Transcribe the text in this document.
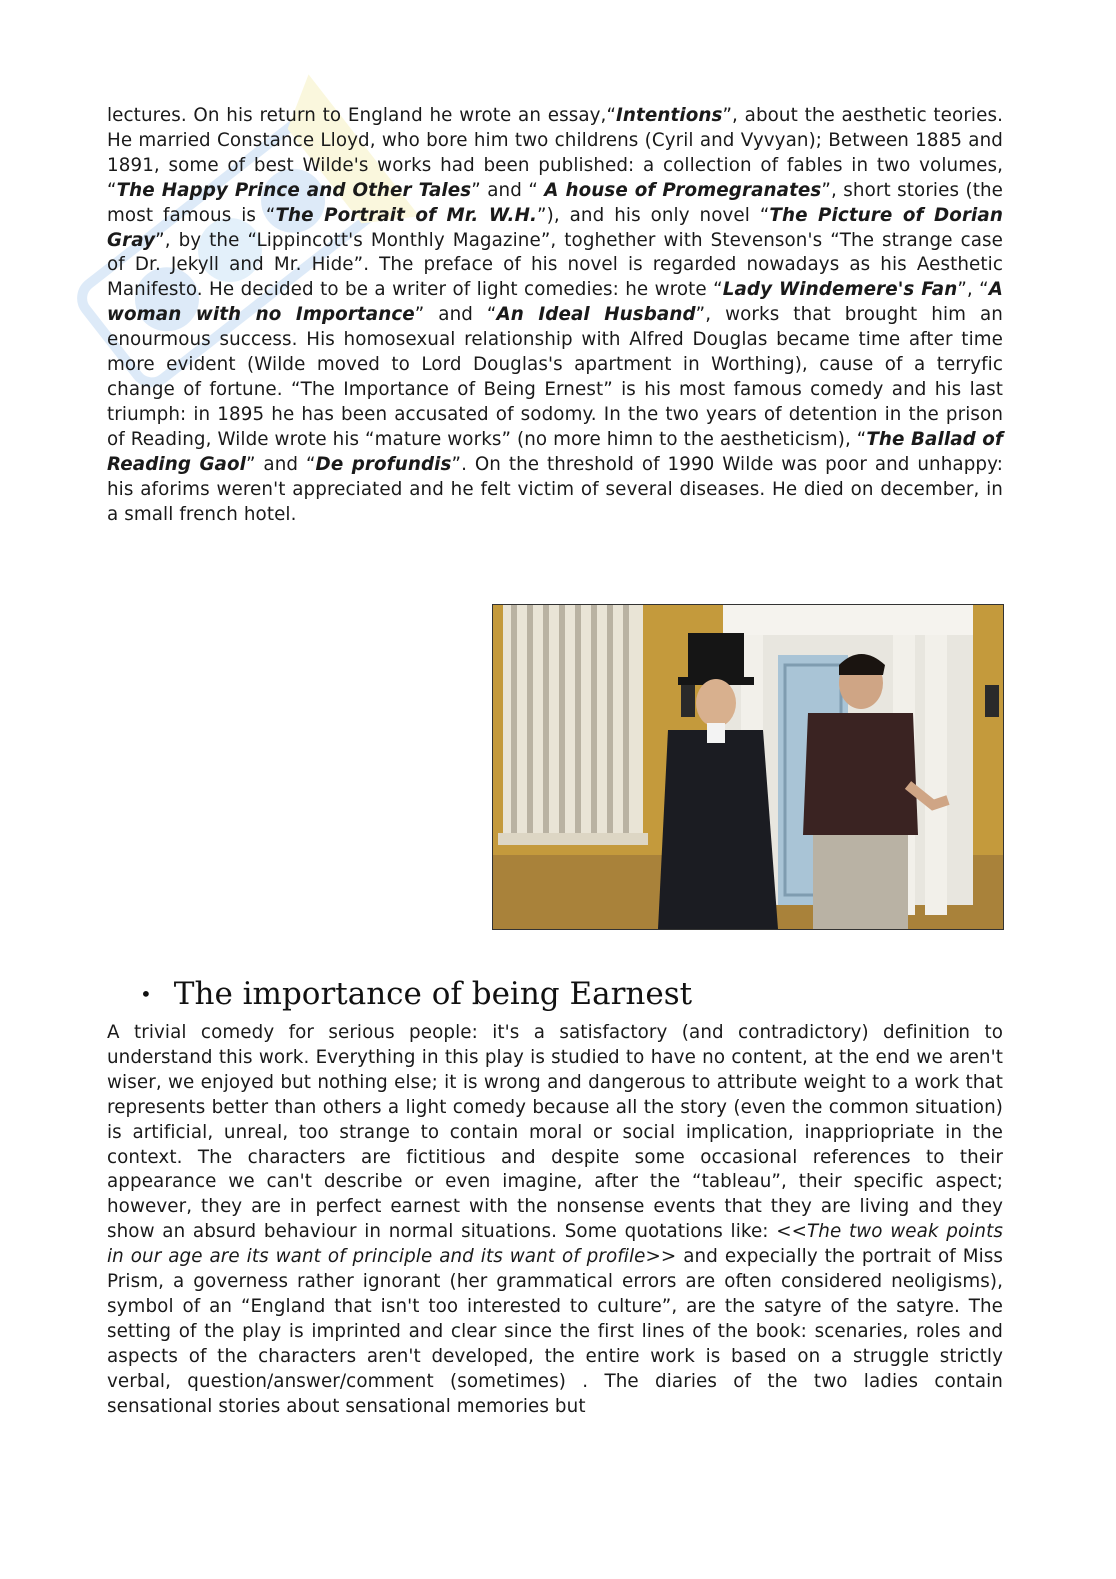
lectures. On his return to England he wrote an essay,“Intentions”, about the aesthetic teories. He married Constance Lloyd, who bore him two childrens (Cyril and Vyvyan); Between 1885 and 1891, some of best Wilde's works had been published: a collection of fables in two volumes, “The Happy Prince and Other Tales” and “ A house of Promegranates”, short stories (the most famous is “The Portrait of Mr. W.H.”), and his only novel “The Picture of Dorian Gray”, by the “Lippincott's Monthly Magazine”, toghether with Stevenson's “The strange case of Dr. Jekyll and Mr. Hide”. The preface of his novel is regarded nowadays as his Aesthetic Manifesto. He decided to be a writer of light comedies: he wrote “Lady Windemere's Fan”, “A woman with no Importance” and “An Ideal Husband”, works that brought him an enourmous success. His homosexual relationship with Alfred Douglas became time after time more evident (Wilde moved to Lord Douglas's apartment in Worthing), cause of a terryfic change of fortune. “The Importance of Being Ernest” is his most famous comedy and his last triumph: in 1895 he has been accusated of sodomy. In the two years of detention in the prison of Reading, Wilde wrote his “mature works” (no more himn to the aestheticism), “The Ballad of Reading Gaol” and “De profundis”. On the threshold of 1990 Wilde was poor and unhappy: his aforims weren't appreciated and he felt victim of several diseases. He died on december, in a small french hotel.

• The importance of being Earnest

A trivial comedy for serious people: it's a satisfactory (and contradictory) definition to understand this work. Everything in this play is studied to have no content, at the end we aren't wiser, we enjoyed but nothing else; it is wrong and dangerous to attribute weight to a work that represents better than others a light comedy because all the story (even the common situation) is artificial, unreal, too strange to contain moral or social implication, inappriopriate in the context. The characters are fictitious and despite some occasional references to their appearance we can't describe or even imagine, after the “tableau”, their specific aspect; however, they are in perfect earnest with the nonsense events that they are living and they show an absurd behaviour in normal situations. Some quotations like: <<The two weak points in our age are its want of principle and its want of profile>> and expecially the portrait of Miss Prism, a governess rather ignorant (her grammatical errors are often considered neoligisms), symbol of an “England that isn't too interested to culture”, are the satyre of the satyre. The setting of the play is imprinted and clear since the first lines of the book: scenaries, roles and aspects of the characters aren't developed, the entire work is based on a struggle strictly verbal, question/answer/comment (sometimes) . The diaries of the two ladies contain sensational stories about sensational memories but
